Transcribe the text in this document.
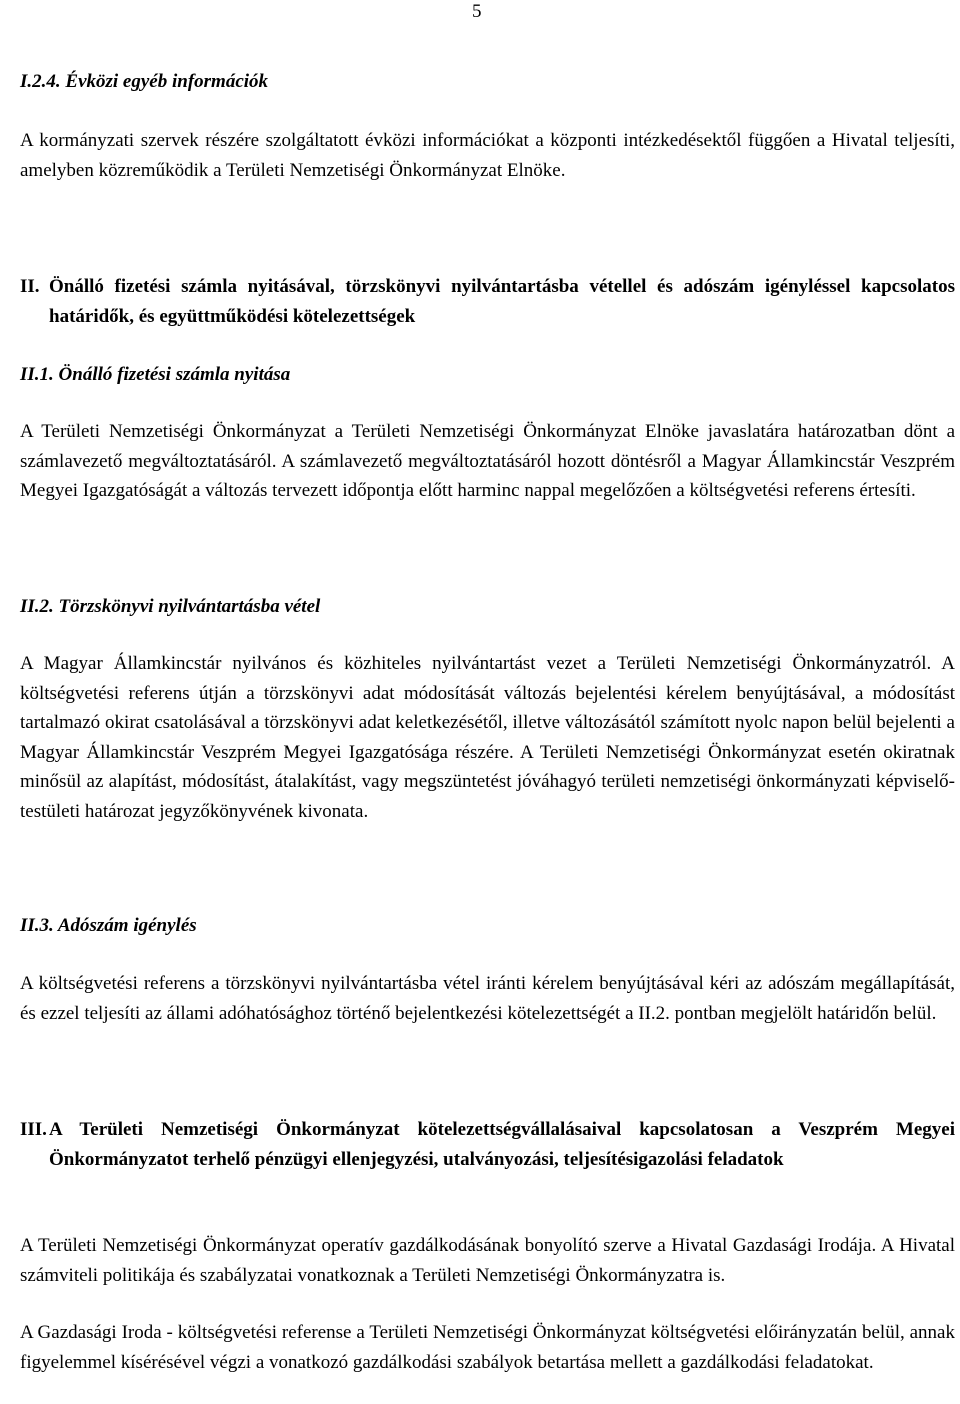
5
I.2.4. Évközi egyéb információk

A kormányzati szervek részére szolgáltatott évközi információkat a központi intézkedésektől függően a Hivatal teljesíti, amelyben közreműködik a Területi Nemzetiségi Önkormányzat Elnöke.

II. Önálló fizetési számla nyitásával, törzskönyvi nyilvántartásba vétellel és adószám igényléssel kapcsolatos határidők, és együttműködési kötelezettségek
II.1. Önálló fizetési számla nyitása

A Területi Nemzetiségi Önkormányzat a Területi Nemzetiségi Önkormányzat Elnöke javaslatára határozatban dönt a számlavezető megváltoztatásáról. A számlavezető megváltoztatásáról hozott döntésről a Magyar Államkincstár Veszprém Megyei Igazgatóságát a változás tervezett időpontja előtt harminc nappal megelőzően a költségvetési referens értesíti.

II.2. Törzskönyvi nyilvántartásba vétel

A Magyar Államkincstár nyilvános és közhiteles nyilvántartást vezet a Területi Nemzetiségi Önkormányzatról. A költségvetési referens útján a törzskönyvi adat módosítását változás bejelentési kérelem benyújtásával, a módosítást tartalmazó okirat csatolásával a törzskönyvi adat keletkezésétől, illetve változásától számított nyolc napon belül bejelenti a Magyar Államkincstár Veszprém Megyei Igazgatósága részére. A Területi Nemzetiségi Önkormányzat esetén okiratnak minősül az alapítást, módosítást, átalakítást, vagy megszüntetést jóváhagyó területi nemzetiségi önkormányzati képviselő-testületi határozat jegyzőkönyvének kivonata.

II.3. Adószám igénylés

A költségvetési referens a törzskönyvi nyilvántartásba vétel iránti kérelem benyújtásával kéri az adószám megállapítását, és ezzel teljesíti az állami adóhatósághoz történő bejelentkezési kötelezettségét a II.2. pontban megjelölt határidőn belül.

III. A Területi Nemzetiségi Önkormányzat kötelezettségvállalásaival kapcsolatosan a Veszprém Megyei Önkormányzatot terhelő pénzügyi ellenjegyzési, utalványozási, teljesítésigazolási feladatok

A Területi Nemzetiségi Önkormányzat operatív gazdálkodásának bonyolító szerve a Hivatal Gazdasági Irodája. A Hivatal számviteli politikája és szabályzatai vonatkoznak a Területi Nemzetiségi Önkormányzatra is.

A Gazdasági Iroda - költségvetési referense a Területi Nemzetiségi Önkormányzat költségvetési előirányzatán belül, annak figyelemmel kísérésével végzi a vonatkozó gazdálkodási szabályok betartása mellett a gazdálkodási feladatokat.
